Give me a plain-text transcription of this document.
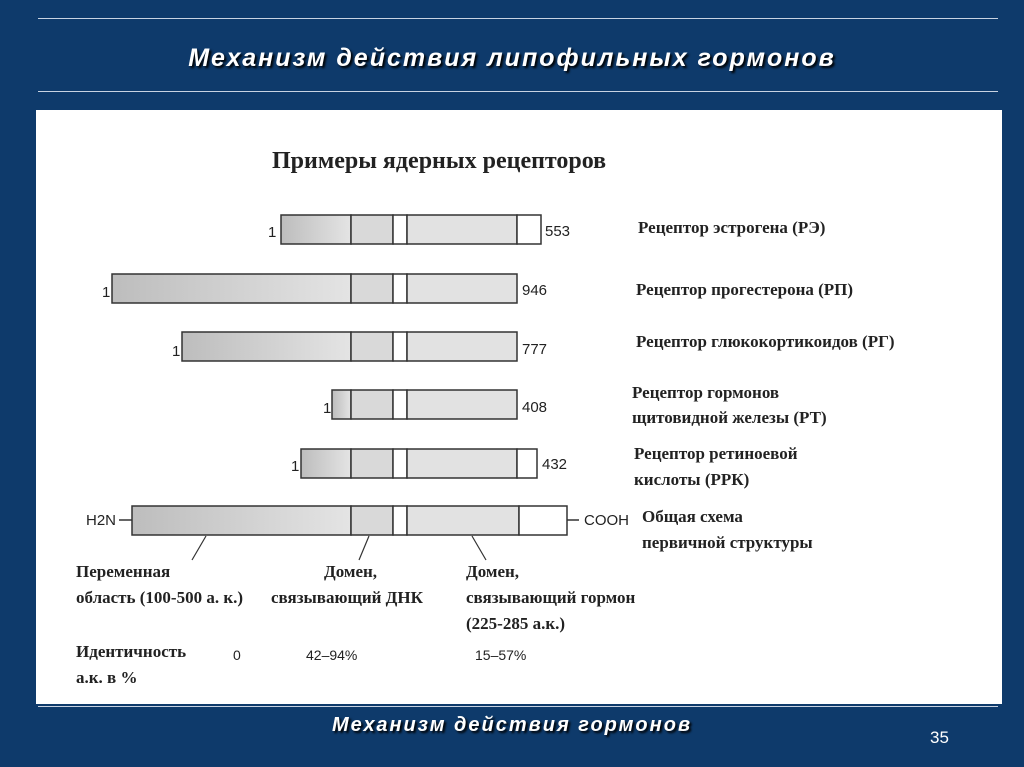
Механизм действия липофильных гормонов
Примеры ядерных рецепторов
1	553	Рецептор эстрогена (РЭ)
1	946	Рецептор прогестерона (РП)
1	777	Рецептор глюкокортикоидов (РГ)
1	408
Рецептор гормонов
щитовидной железы (РТ)
1	432
Рецептор ретиноевой
кислоты (РРК)
H2N	COOH Общая схема
первичной структуры
Переменная
область (100-500 а. к.)
Домен,
связывающий ДНК
Домен,
связывающий гормон
(225-285 а.к.)
Идентичность
а.к. в %
0	42–94%	15–57%
Механизм действия гормонов
35
